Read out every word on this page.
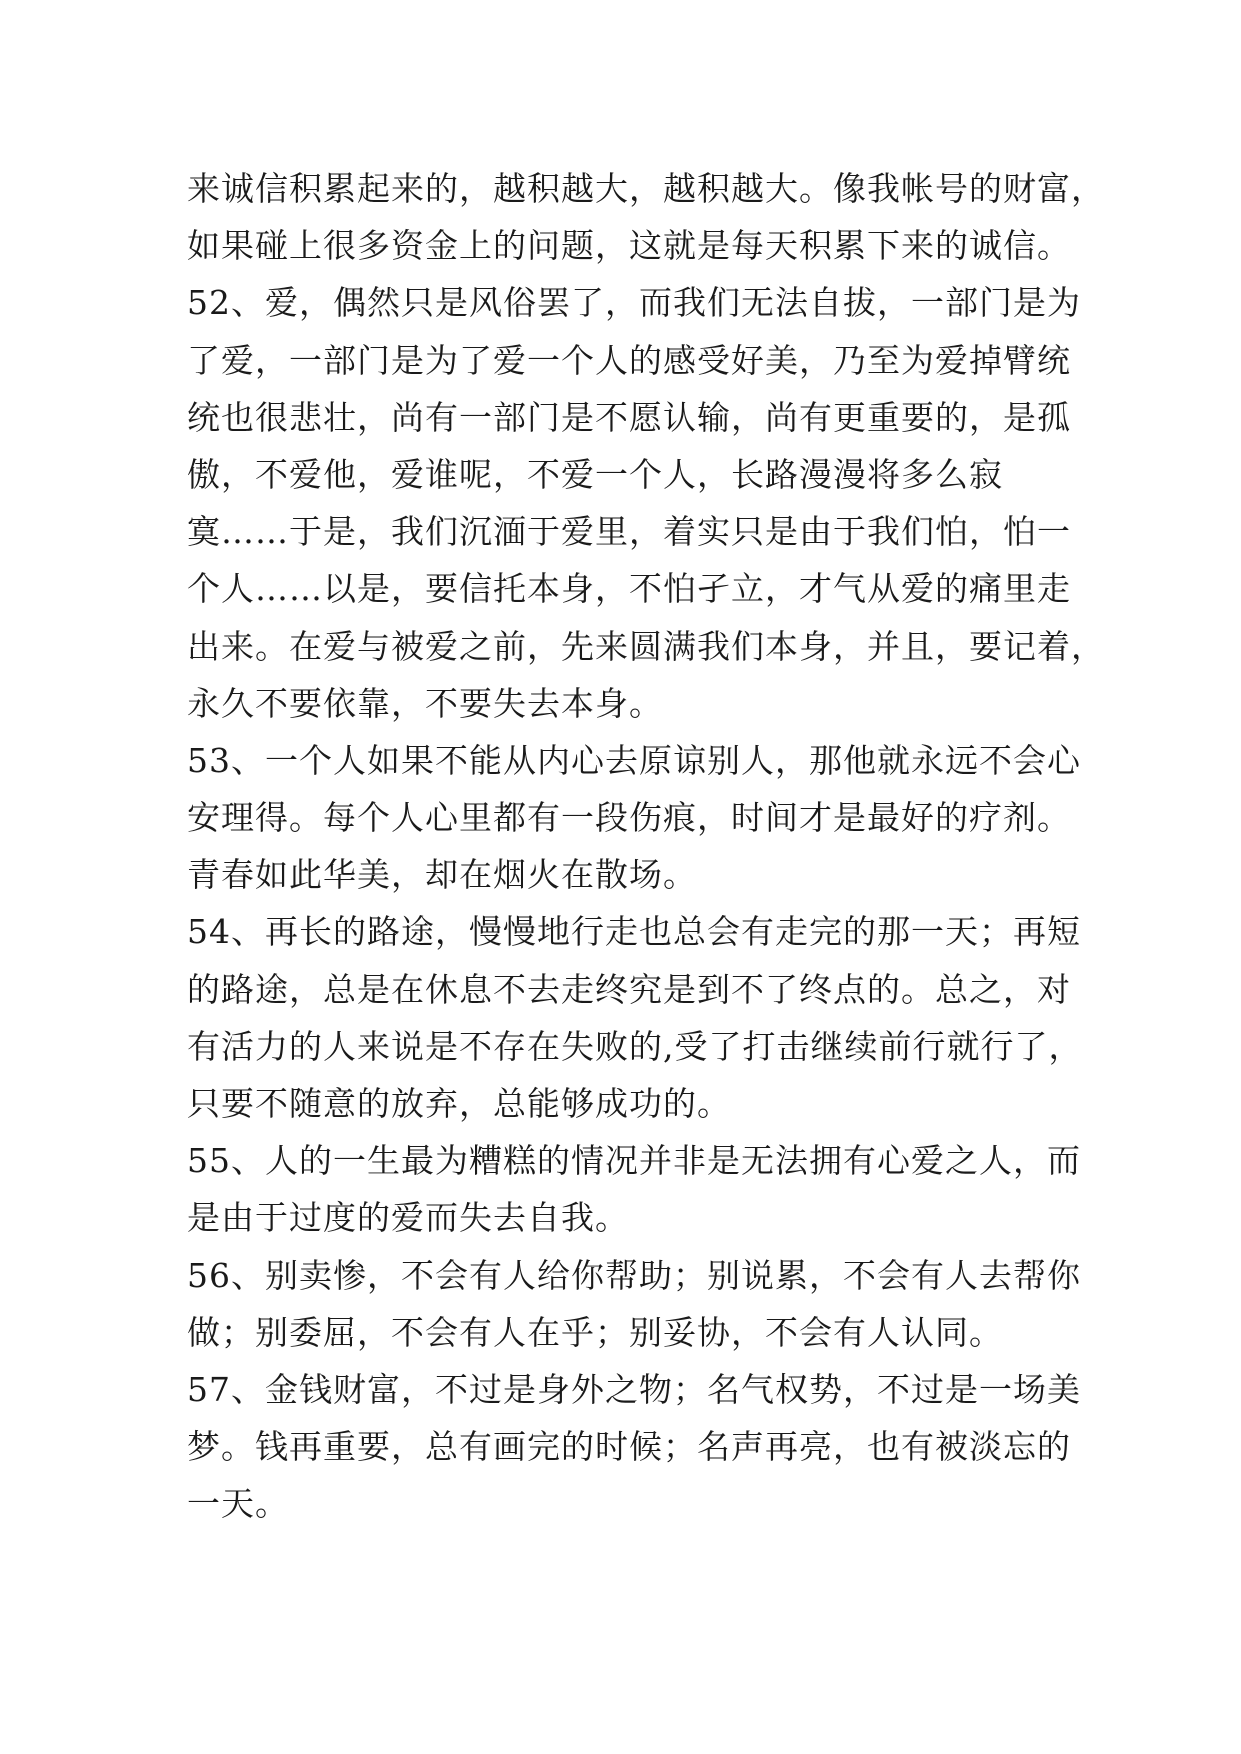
来诚信积累起来的，越积越大，越积越大。像我帐号的财富，
如果碰上很多资金上的问题，这就是每天积累下来的诚信。
52、爱，偶然只是风俗罢了，而我们无法自拔，一部门是为
了爱，一部门是为了爱一个人的感受好美，乃至为爱掉臂统
统也很悲壮，尚有一部门是不愿认输，尚有更重要的，是孤
傲，不爱他，爱谁呢，不爱一个人，长路漫漫将多么寂
寞……于是，我们沉湎于爱里，着实只是由于我们怕，怕一
个人……以是，要信托本身，不怕孑立，才气从爱的痛里走
出来。在爱与被爱之前，先来圆满我们本身，并且，要记着，
永久不要依靠，不要失去本身。
53、一个人如果不能从内心去原谅别人，那他就永远不会心
安理得。每个人心里都有一段伤痕，时间才是最好的疗剂。
青春如此华美，却在烟火在散场。
54、再长的路途，慢慢地行走也总会有走完的那一天；再短
的路途，总是在休息不去走终究是到不了终点的。总之，对
有活力的人来说是不存在失败的,受了打击继续前行就行了，
只要不随意的放弃，总能够成功的。
55、人的一生最为糟糕的情况并非是无法拥有心爱之人，而
是由于过度的爱而失去自我。
56、别卖惨，不会有人给你帮助；别说累，不会有人去帮你
做；别委屈，不会有人在乎；别妥协，不会有人认同。
57、金钱财富，不过是身外之物；名气权势，不过是一场美
梦。钱再重要，总有画完的时候；名声再亮，也有被淡忘的
一天。
